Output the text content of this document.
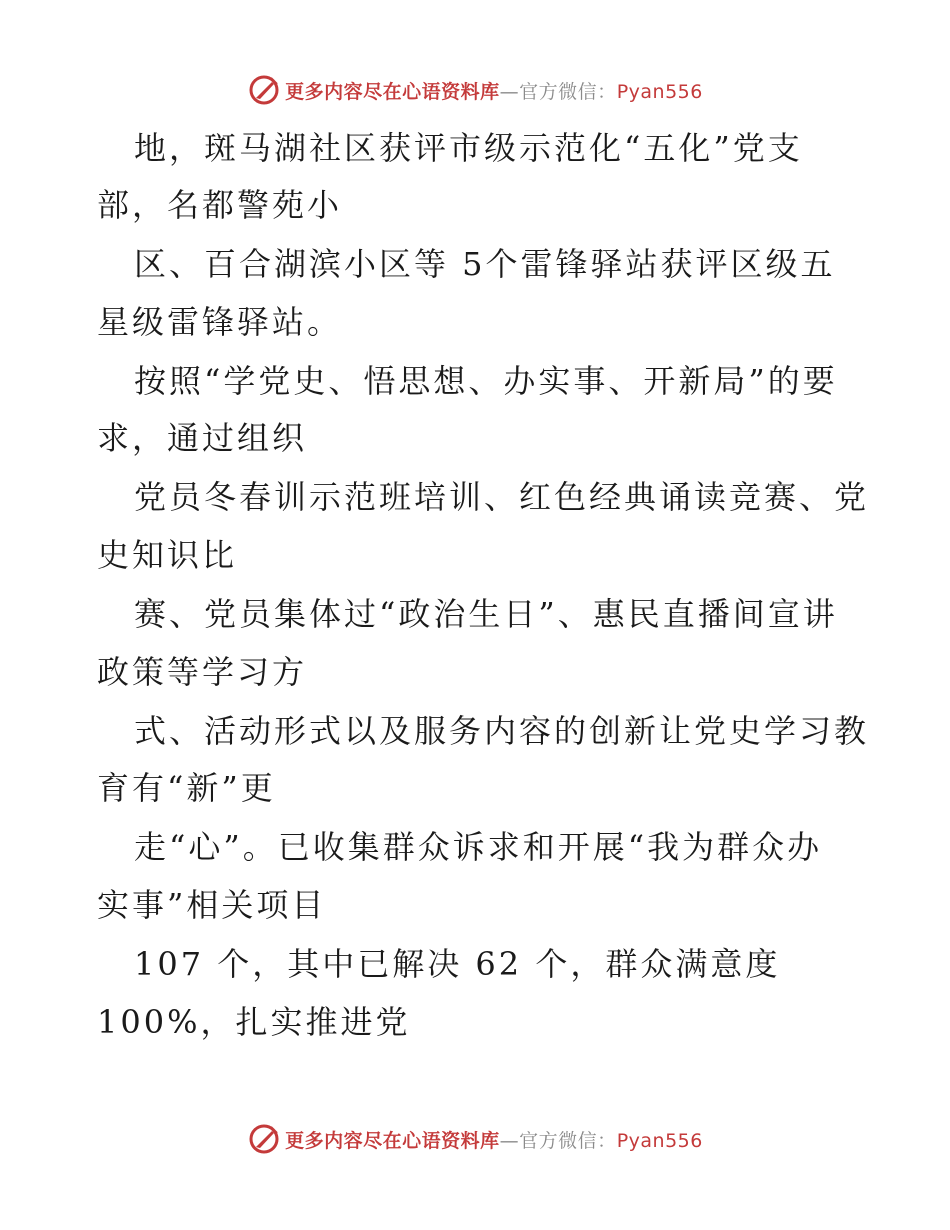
更多内容尽在心语资料库—官方微信：Pyan556
地，斑马湖社区获评市级示范化“五化”党支
部，名都警苑小
区、百合湖滨小区等 5个雷锋驿站获评区级五
星级雷锋驿站。
按照“学党史、悟思想、办实事、开新局”的要
求，通过组织
党员冬春训示范班培训、红色经典诵读竞赛、党
史知识比
赛、党员集体过“政治生日”、惠民直播间宣讲
政策等学习方
式、活动形式以及服务内容的创新让党史学习教
育有“新”更
走“心”。已收集群众诉求和开展“我为群众办
实事”相关项目
107 个，其中已解决 62 个，群众满意度
100%，扎实推进党
更多内容尽在心语资料库—官方微信：Pyan556
